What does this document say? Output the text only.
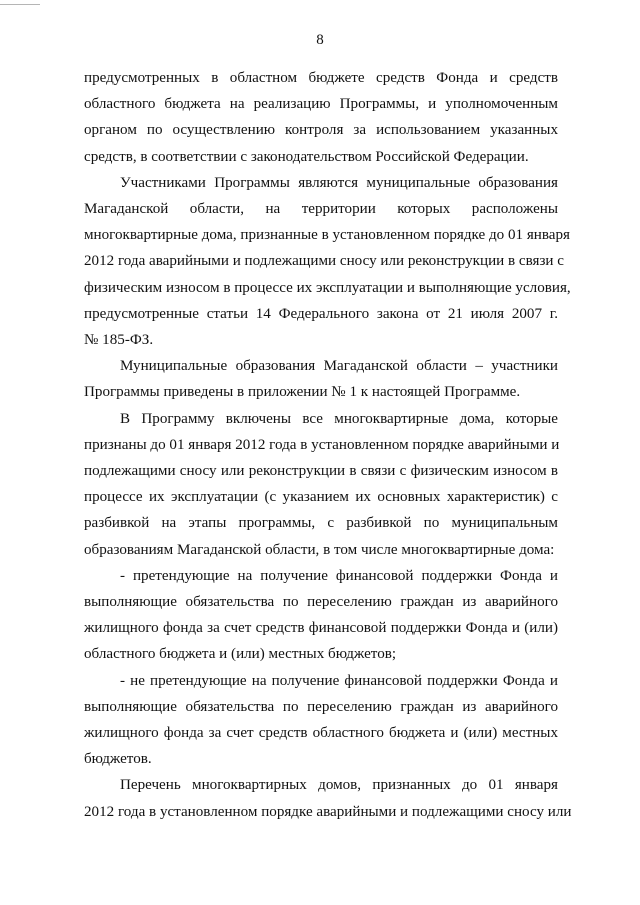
8

предусмотренных в областном бюджете средств Фонда и средств
областного бюджета на реализацию Программы, и уполномоченным
органом по осуществлению контроля за использованием указанных
средств, в соответствии с законодательством Российской Федерации.

Участниками Программы являются муниципальные образования
Магаданской области, на территории которых расположены
многоквартирные дома, признанные в установленном порядке до 01 января
2012 года аварийными и подлежащими сносу или реконструкции в связи с
физическим износом в процессе их эксплуатации и выполняющие условия,
предусмотренные статьи 14 Федерального закона от 21 июля 2007 г.
№ 185-ФЗ.

Муниципальные образования Магаданской области – участники
Программы приведены в приложении № 1 к настоящей Программе.

В Программу включены все многоквартирные дома, которые
признаны до 01 января 2012 года в установленном порядке аварийными и
подлежащими сносу или реконструкции в связи с физическим износом в
процессе их эксплуатации (с указанием их основных характеристик) с
разбивкой на этапы программы, с разбивкой по муниципальным
образованиям Магаданской области, в том числе многоквартирные дома:

- претендующие на получение финансовой поддержки Фонда и
выполняющие обязательства по переселению граждан из аварийного
жилищного фонда за счет средств финансовой поддержки Фонда и (или)
областного бюджета и (или) местных бюджетов;

- не претендующие на получение финансовой поддержки Фонда и
выполняющие обязательства по переселению граждан из аварийного
жилищного фонда за счет средств областного бюджета и (или) местных
бюджетов.

Перечень многоквартирных домов, признанных до 01 января
2012 года в установленном порядке аварийными и подлежащими сносу или
